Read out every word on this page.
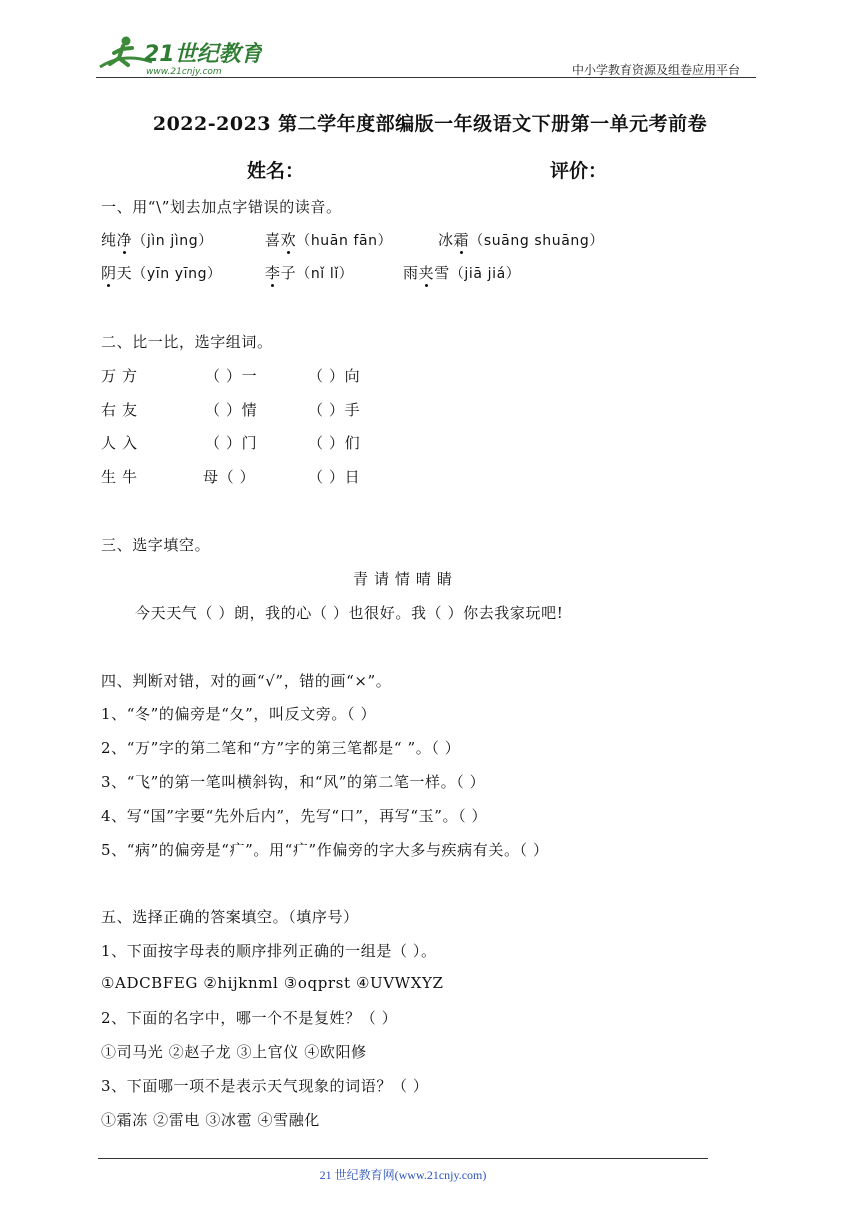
21世纪教育
www.21cnjy.com	中小学教育资源及组卷应用平台
2022-2023 第二学年度部编版一年级语文下册第一单元考前卷
姓名：	评价：
一、用“\”划去加点字错误的读音。
纯净（jìn jìng）	喜欢（huān fān）	冰霜（suāng shuāng）
阴天（yīn yīng）	李子（nǐ lǐ）	雨夹雪（jiā jiá）
二、比一比，选字组词。
万 方	（ ）一	（ ）向
右 友	（ ）情	（ ）手
人 入	（ ）门	（ ）们
生 牛	母（ ）	（ ）日
三、选字填空。
青 请 情 晴 睛
今天天气（ ）朗，我的心（ ）也很好。我（ ）你去我家玩吧!
四、判断对错，对的画“√”，错的画“×”。
1、“冬”的偏旁是“夂”，叫反文旁。（ ）
2、“万”字的第二笔和“方”字的第三笔都是“ ”。（ ）
3、“飞”的第一笔叫横斜钩，和“风”的第二笔一样。（ ）
4、写“国”字要“先外后内”，先写“口”，再写“玉”。（ ）
5、“病”的偏旁是“疒”。用“疒”作偏旁的字大多与疾病有关。（ ）
五、选择正确的答案填空。（填序号）
1、下面按字母表的顺序排列正确的一组是（ ）。
①ADCBFEG ②hijknml ③oqprst ④UVWXYZ
2、下面的名字中，哪一个不是复姓？（ ）
①司马光 ②赵子龙 ③上官仪 ④欧阳修
3、下面哪一项不是表示天气现象的词语？（ ）
①霜冻 ②雷电 ③冰雹 ④雪融化
21 世纪教育网(www.21cnjy.com)
